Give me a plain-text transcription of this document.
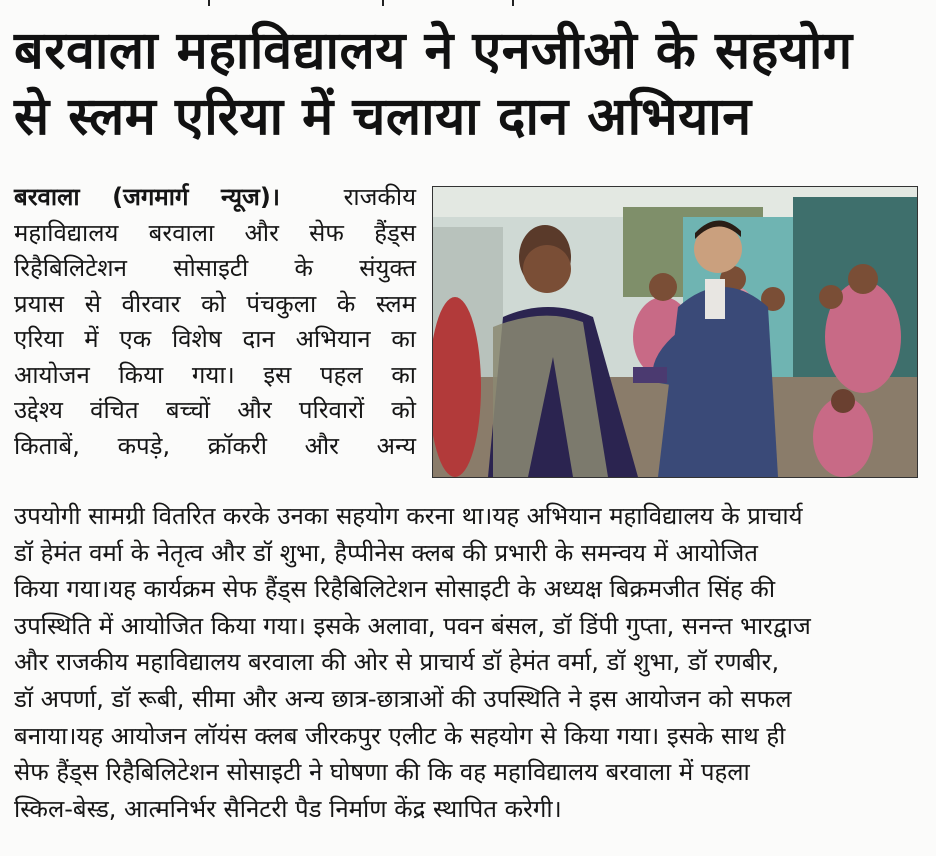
बरवाला महाविद्यालय ने एनजीओ के सहयोग
से स्लम एरिया में चलाया दान अभियान
बरवाला (जगमार्ग न्यूज)।	राजकीय
महाविद्यालय बरवाला और सेफ हैंड्स
रिहैबिलिटेशन सोसाइटी के संयुक्त
प्रयास से वीरवार को पंचकुला के स्लम
एरिया में एक विशेष दान अभियान का
आयोजन किया गया। इस पहल का
उद्देश्य वंचित बच्चों और परिवारों को
किताबें, कपड़े, क्रॉकरी और अन्य
उपयोगी सामग्री वितरित करके उनका सहयोग करना था।यह अभियान महाविद्यालय के प्राचार्य
डॉ हेमंत वर्मा के नेतृत्व और डॉ शुभा, हैप्पीनेस क्लब की प्रभारी के समन्वय में आयोजित
किया गया।यह कार्यक्रम सेफ हैंड्स रिहैबिलिटेशन सोसाइटी के अध्यक्ष बिक्रमजीत सिंह की
उपस्थिति में आयोजित किया गया। इसके अलावा, पवन बंसल, डॉ डिंपी गुप्ता, सनन्त भारद्वाज
और राजकीय महाविद्यालय बरवाला की ओर से प्राचार्य डॉ हेमंत वर्मा, डॉ शुभा, डॉ रणबीर,
डॉ अपर्णा, डॉ रूबी, सीमा और अन्य छात्र-छात्राओं की उपस्थिति ने इस आयोजन को सफल
बनाया।यह आयोजन लॉयंस क्लब जीरकपुर एलीट के सहयोग से किया गया। इसके साथ ही
सेफ हैंड्स रिहैबिलिटेशन सोसाइटी ने घोषणा की कि वह महाविद्यालय बरवाला में पहला
स्किल-बेस्ड, आत्मनिर्भर सैनिटरी पैड निर्माण केंद्र स्थापित करेगी।
